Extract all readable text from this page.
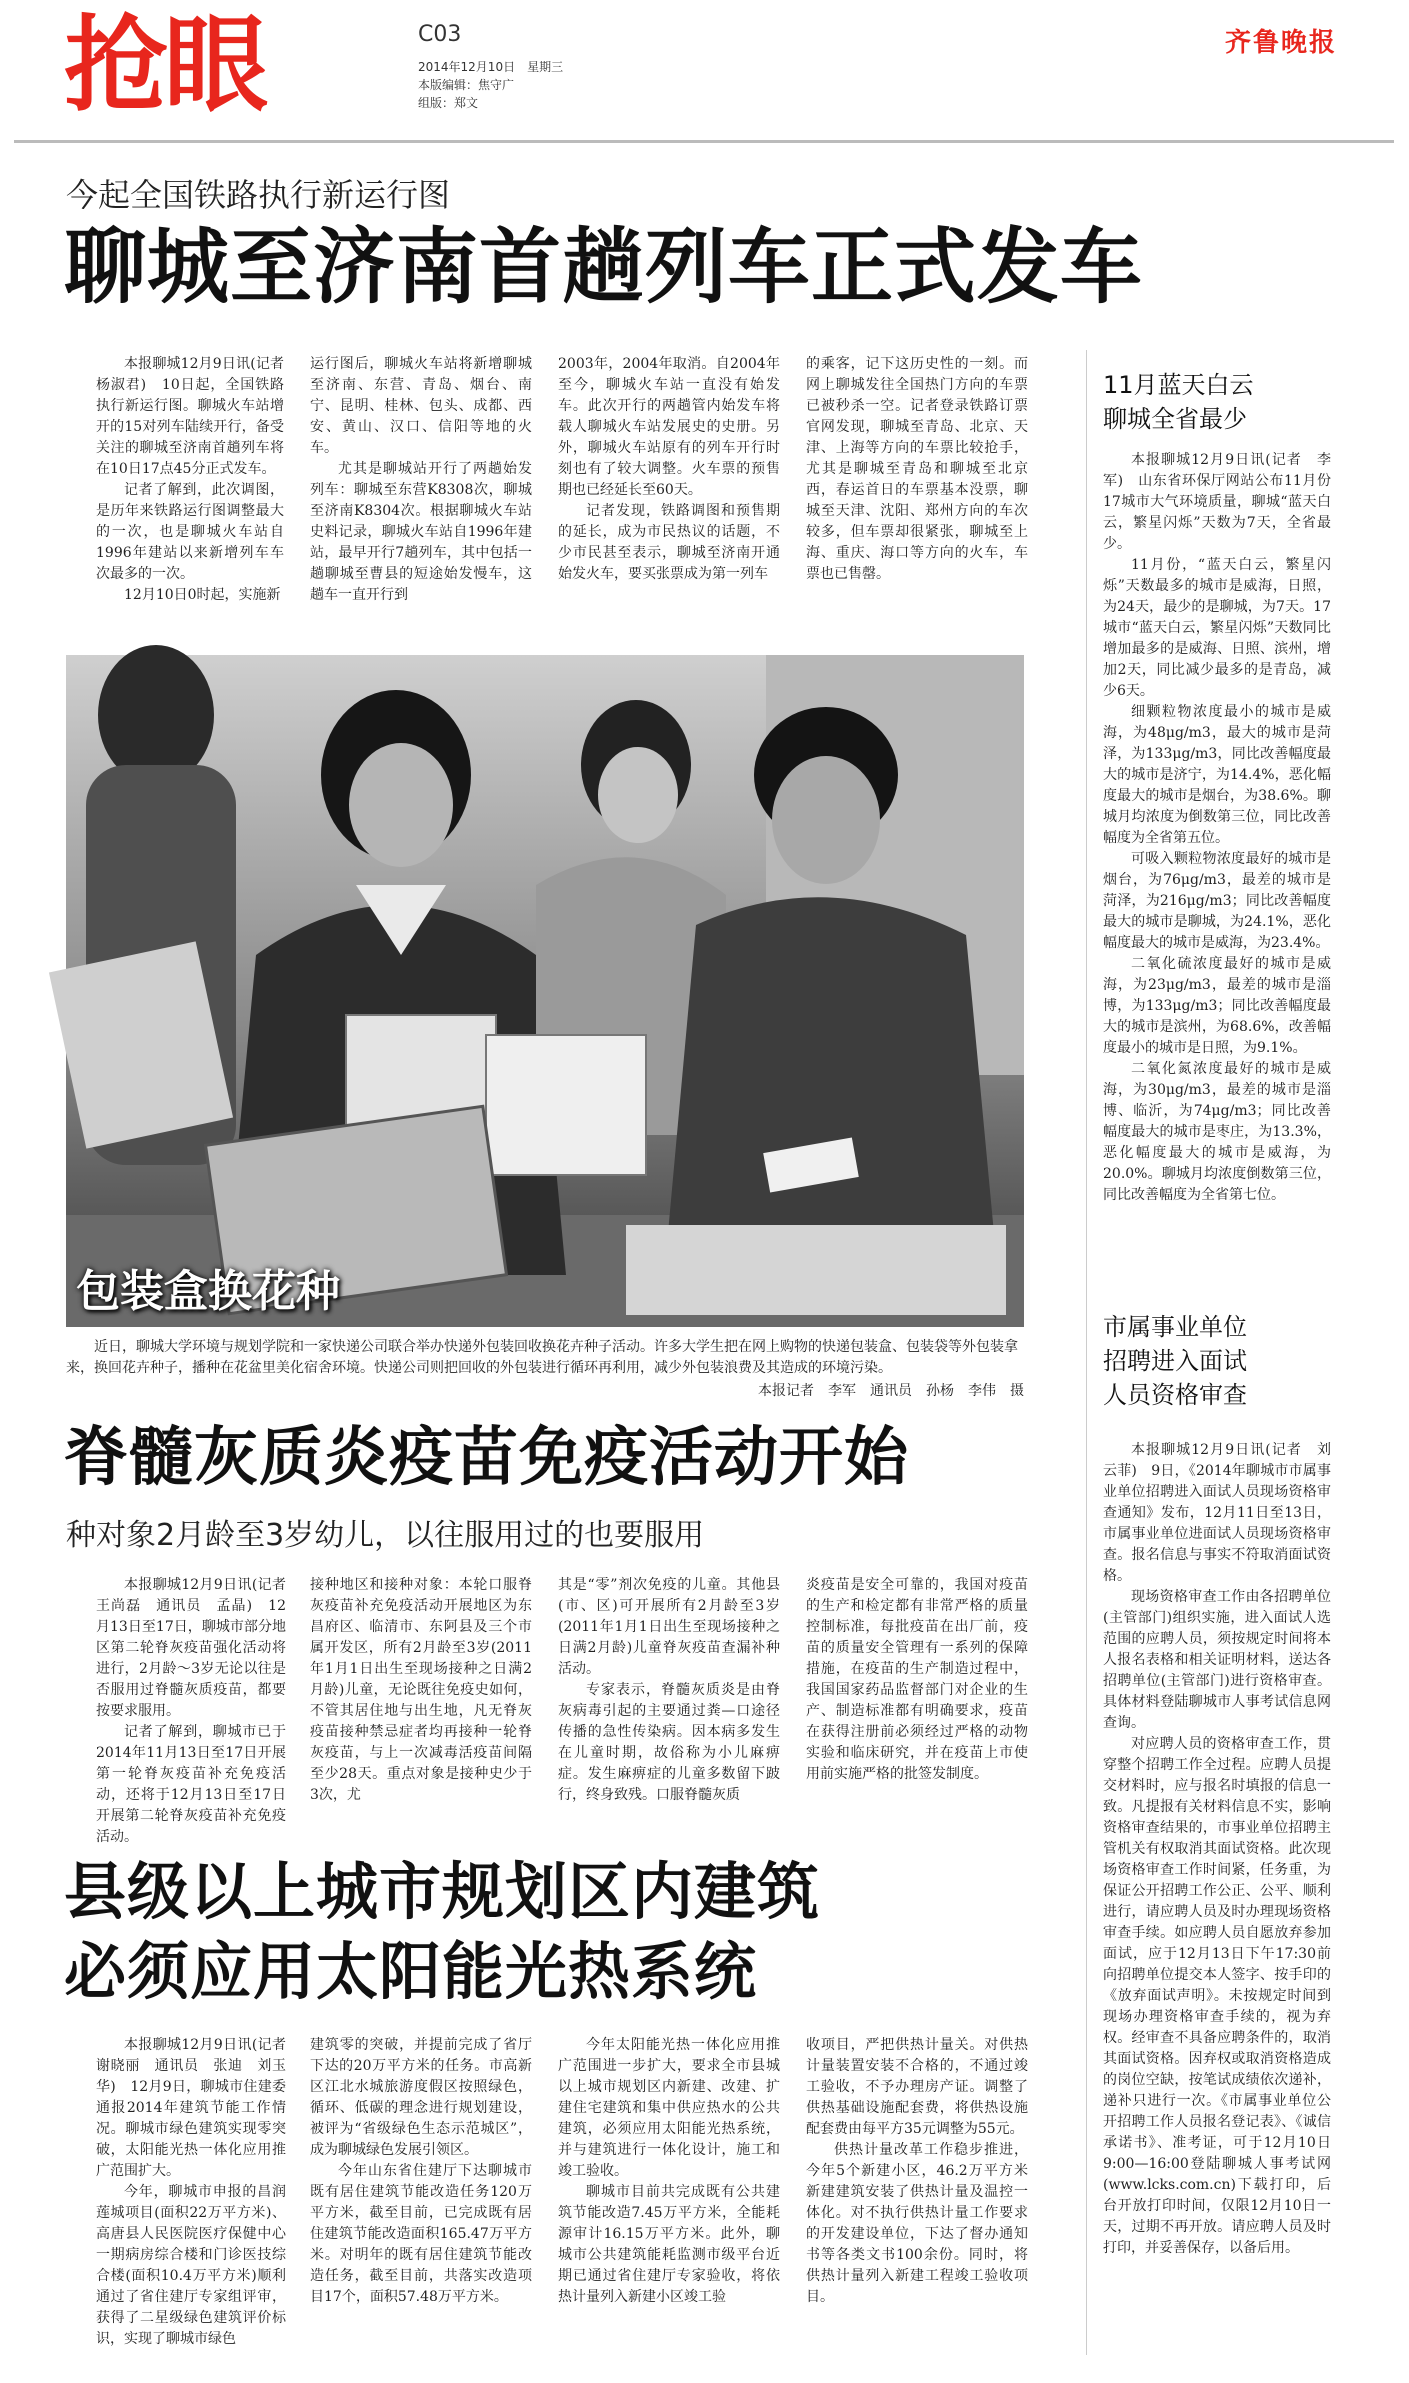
抢眼	C03
2014年12月10日　星期三
本版编辑：焦守广
组版：郑文
齐鲁晚报
今起全国铁路执行新运行图
聊城至济南首趟列车正式发车

本报聊城12月9日讯(记者　杨淑君)　10日起，全国铁路执行新运行图。聊城火车站增开的15对列车陆续开行，备受关注的聊城至济南首趟列车将在10日17点45分正式发车。

记者了解到，此次调图，是历年来铁路运行图调整最大的一次，也是聊城火车站自1996年建站以来新增列车车次最多的一次。

12月10日0时起，实施新

运行图后，聊城火车站将新增聊城至济南、东营、青岛、烟台、南宁、昆明、桂林、包头、成都、西安、黄山、汉口、信阳等地的火车。

尤其是聊城站开行了两趟始发列车：聊城至东营K8308次，聊城至济南K8304次。根据聊城火车站史料记录，聊城火车站自1996年建站，最早开行7趟列车，其中包括一趟聊城至曹县的短途始发慢车，这趟车一直开行到

2003年，2004年取消。自2004年至今，聊城火车站一直没有始发车。此次开行的两趟管内始发车将载人聊城火车站发展史的史册。另外，聊城火车站原有的列车开行时刻也有了较大调整。火车票的预售期也已经延长至60天。

记者发现，铁路调图和预售期的延长，成为市民热议的话题，不少市民甚至表示，聊城至济南开通始发火车，要买张票成为第一列车

的乘客，记下这历史性的一刻。而网上聊城发往全国热门方向的车票已被秒杀一空。记者登录铁路订票官网发现，聊城至青岛、北京、天津、上海等方向的车票比较抢手，尤其是聊城至青岛和聊城至北京西，春运首日的车票基本没票，聊城至天津、沈阳、郑州方向的车次较多，但车票却很紧张，聊城至上海、重庆、海口等方向的火车，车票也已售罄。

包装盒换花种

近日，聊城大学环境与规划学院和一家快递公司联合举办快递外包装回收换花卉种子活动。许多大学生把在网上购物的快递包装盒、包装袋等外包装拿来，换回花卉种子，播种在花盆里美化宿舍环境。快递公司则把回收的外包装进行循环再利用，减少外包装浪费及其造成的环境污染。

本报记者　李军　通讯员　孙杨　李伟　摄
11月蓝天白云
聊城全省最少

本报聊城12月9日讯(记者　李军)　山东省环保厅网站公布11月份17城市大气环境质量，聊城“蓝天白云，繁星闪烁”天数为7天，全省最少。

11月份，“蓝天白云，繁星闪烁”天数最多的城市是威海，日照，为24天，最少的是聊城，为7天。17城市“蓝天白云，繁星闪烁”天数同比增加最多的是威海、日照、滨州，增加2天，同比减少最多的是青岛，减少6天。

细颗粒物浓度最小的城市是威海，为48μg/m3，最大的城市是菏泽，为133μg/m3，同比改善幅度最大的城市是济宁，为14.4%，恶化幅度最大的城市是烟台，为38.6%。聊城月均浓度为倒数第三位，同比改善幅度为全省第五位。

可吸入颗粒物浓度最好的城市是烟台，为76μg/m3，最差的城市是菏泽，为216μg/m3；同比改善幅度最大的城市是聊城，为24.1%，恶化幅度最大的城市是威海，为23.4%。

二氧化硫浓度最好的城市是威海，为23μg/m3，最差的城市是淄博，为133μg/m3；同比改善幅度最大的城市是滨州，为68.6%，改善幅度最小的城市是日照，为9.1%。

二氧化氮浓度最好的城市是威海，为30μg/m3，最差的城市是淄博、临沂，为74μg/m3；同比改善幅度最大的城市是枣庄，为13.3%，恶化幅度最大的城市是威海，为20.0%。聊城月均浓度倒数第三位，同比改善幅度为全省第七位。

脊髓灰质炎疫苗免疫活动开始
种对象2月龄至3岁幼儿，以往服用过的也要服用

本报聊城12月9日讯(记者　王尚磊　通讯员　孟晶)　12月13日至17日，聊城市部分地区第二轮脊灰疫苗强化活动将进行，2月龄～3岁无论以往是否服用过脊髓灰质疫苗，都要按要求服用。

记者了解到，聊城市已于2014年11月13日至17日开展第一轮脊灰疫苗补充免疫活动，还将于12月13日至17日开展第二轮脊灰疫苗补充免疫活动。

接种地区和接种对象：本轮口服脊灰疫苗补充免疫活动开展地区为东昌府区、临清市、东阿县及三个市属开发区，所有2月龄至3岁(2011年1月1日出生至现场接种之日满2月龄)儿童，无论既往免疫史如何，不管其居住地与出生地，凡无脊灰疫苗接种禁忌症者均再接种一轮脊灰疫苗，与上一次减毒活疫苗间隔至少28天。重点对象是接种史少于3次，尤

其是“零”剂次免疫的儿童。其他县(市、区)可开展所有2月龄至3岁(2011年1月1日出生至现场接种之日满2月龄)儿童脊灰疫苗查漏补种活动。

专家表示，脊髓灰质炎是由脊灰病毒引起的主要通过粪—口途径传播的急性传染病。因本病多发生在儿童时期，故俗称为小儿麻痹症。发生麻痹症的儿童多数留下跛行，终身致残。口服脊髓灰质

炎疫苗是安全可靠的，我国对疫苗的生产和检定都有非常严格的质量控制标准，每批疫苗在出厂前，疫苗的质量安全管理有一系列的保障措施，在疫苗的生产制造过程中，我国国家药品监督部门对企业的生产、制造标准都有明确要求，疫苗在获得注册前必须经过严格的动物实验和临床研究，并在疫苗上市使用前实施严格的批签发制度。

市属事业单位
招聘进入面试
人员资格审查

本报聊城12月9日讯(记者　刘云菲)　9日，《2014年聊城市市属事业单位招聘进入面试人员现场资格审查通知》发布，12月11日至13日，市属事业单位进面试人员现场资格审查。报名信息与事实不符取消面试资格。

现场资格审查工作由各招聘单位(主管部门)组织实施，进入面试人选范围的应聘人员，须按规定时间将本人报名表格和相关证明材料，送达各招聘单位(主管部门)进行资格审查。具体材料登陆聊城市人事考试信息网查询。

对应聘人员的资格审查工作，贯穿整个招聘工作全过程。应聘人员提交材料时，应与报名时填报的信息一致。凡提报有关材料信息不实，影响资格审查结果的，市事业单位招聘主管机关有权取消其面试资格。此次现场资格审查工作时间紧，任务重，为保证公开招聘工作公正、公平、顺利进行，请应聘人员及时办理现场资格审查手续。如应聘人员自愿放弃参加面试，应于12月13日下午17:30前向招聘单位提交本人签字、按手印的《放弃面试声明》。未按规定时间到现场办理资格审查手续的，视为弃权。经审查不具备应聘条件的，取消其面试资格。因弃权或取消资格造成的岗位空缺，按笔试成绩依次递补，递补只进行一次。《市属事业单位公开招聘工作人员报名登记表》、《诚信承诺书》、准考证，可于12月10日9:00—16:00登陆聊城人事考试网(www.lcks.com.cn)下载打印，后台开放打印时间，仅限12月10日一天，过期不再开放。请应聘人员及时打印，并妥善保存，以备后用。

县级以上城市规划区内建筑
必须应用太阳能光热系统

本报聊城12月9日讯(记者　谢晓丽　通讯员　张迪　刘玉华)　12月9日，聊城市住建委通报2014年建筑节能工作情况。聊城市绿色建筑实现零突破，太阳能光热一体化应用推广范围扩大。

今年，聊城市申报的昌润莲城项目(面积22万平方米)、高唐县人民医院医疗保健中心一期病房综合楼和门诊医技综合楼(面积10.4万平方米)顺利通过了省住建厅专家组评审，获得了二星级绿色建筑评价标识，实现了聊城市绿色

建筑零的突破，并提前完成了省厅下达的20万平方米的任务。市高新区江北水城旅游度假区按照绿色，循环、低碳的理念进行规划建设，被评为“省级绿色生态示范城区”，成为聊城绿色发展引领区。

今年山东省住建厅下达聊城市既有居住建筑节能改造任务120万平方米，截至目前，已完成既有居住建筑节能改造面积165.47万平方米。对明年的既有居住建筑节能改造任务，截至目前，共落实改造项目17个，面积57.48万平方米。

今年太阳能光热一体化应用推广范围进一步扩大，要求全市县城以上城市规划区内新建、改建、扩建住宅建筑和集中供应热水的公共建筑，必须应用太阳能光热系统，并与建筑进行一体化设计，施工和竣工验收。

聊城市目前共完成既有公共建筑节能改造7.45万平方米，全能耗源审计16.15万平方米。此外，聊城市公共建筑能耗监测市级平台近期已通过省住建厅专家验收，将依热计量列入新建小区竣工验

收项目，严把供热计量关。对供热计量装置安装不合格的，不通过竣工验收，不予办理房产证。调整了供热基础设施配套费，将供热设施配套费由每平方35元调整为55元。

供热计量改革工作稳步推进，今年5个新建小区，46.2万平方米新建建筑安装了供热计量及温控一体化。对不执行供热计量工作要求的开发建设单位，下达了督办通知书等各类文书100余份。同时，将供热计量列入新建工程竣工验收项目。
